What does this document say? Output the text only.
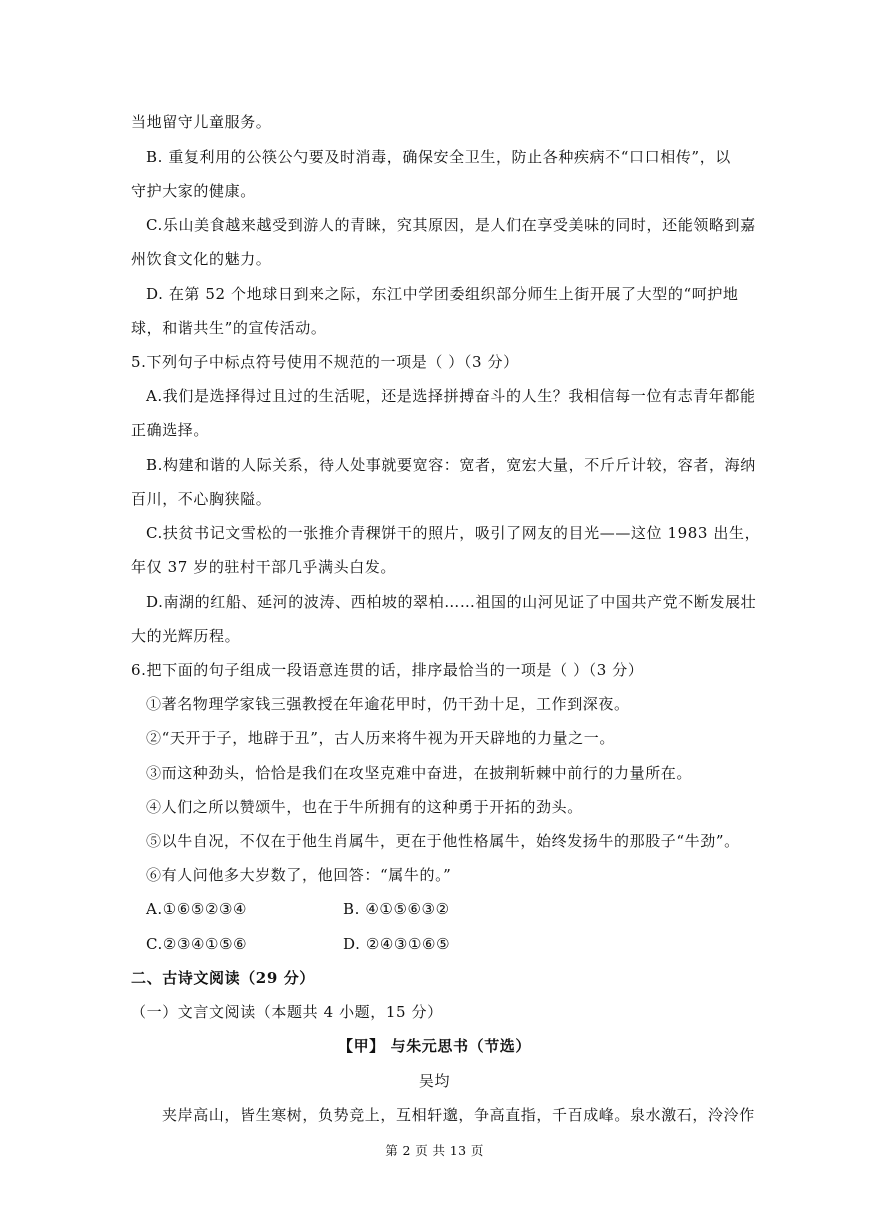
当地留守儿童服务。
B. 重复利用的公筷公勺要及时消毒，确保安全卫生，防止各种疾病不“口口相传”，以
守护大家的健康。
C.乐山美食越来越受到游人的青睐，究其原因，是人们在享受美味的同时，还能领略到嘉
州饮食文化的魅力。
D. 在第 52 个地球日到来之际，东江中学团委组织部分师生上街开展了大型的“呵护地
球，和谐共生”的宣传活动。
5.下列句子中标点符号使用不规范的一项是（ ）（3 分）
A.我们是选择得过且过的生活呢，还是选择拼搏奋斗的人生？我相信每一位有志青年都能
正确选择。
B.构建和谐的人际关系，待人处事就要宽容：宽者，宽宏大量，不斤斤计较，容者，海纳
百川，不心胸狭隘。
C.扶贫书记文雪松的一张推介青稞饼干的照片，吸引了网友的目光——这位 1983 出生，
年仅 37 岁的驻村干部几乎满头白发。
D.南湖的红船、延河的波涛、西柏坡的翠柏……祖国的山河见证了中国共产党不断发展壮
大的光辉历程。
6.把下面的句子组成一段语意连贯的话，排序最恰当的一项是（ ）（3 分）
①著名物理学家钱三强教授在年逾花甲时，仍干劲十足，工作到深夜。
②“天开于子，地辟于丑”，古人历来将牛视为开天辟地的力量之一。
③而这种劲头，恰恰是我们在攻坚克难中奋进，在披荆斩棘中前行的力量所在。
④人们之所以赞颂牛，也在于牛所拥有的这种勇于开拓的劲头。
⑤以牛自况，不仅在于他生肖属牛，更在于他性格属牛，始终发扬牛的那股子“牛劲”。
⑥有人问他多大岁数了，他回答：“属牛的。”
A.①⑥⑤②③④	B. ④①⑤⑥③②
C.②③④①⑤⑥	D. ②④③①⑥⑤
二、古诗文阅读（29 分）
（一）文言文阅读（本题共 4 小题，15 分）
【甲】 与朱元思书（节选）
吴均
夹岸高山，皆生寒树，负势竞上，互相轩邈，争高直指，千百成峰。泉水激石，泠泠作
第 2 页 共 13 页
